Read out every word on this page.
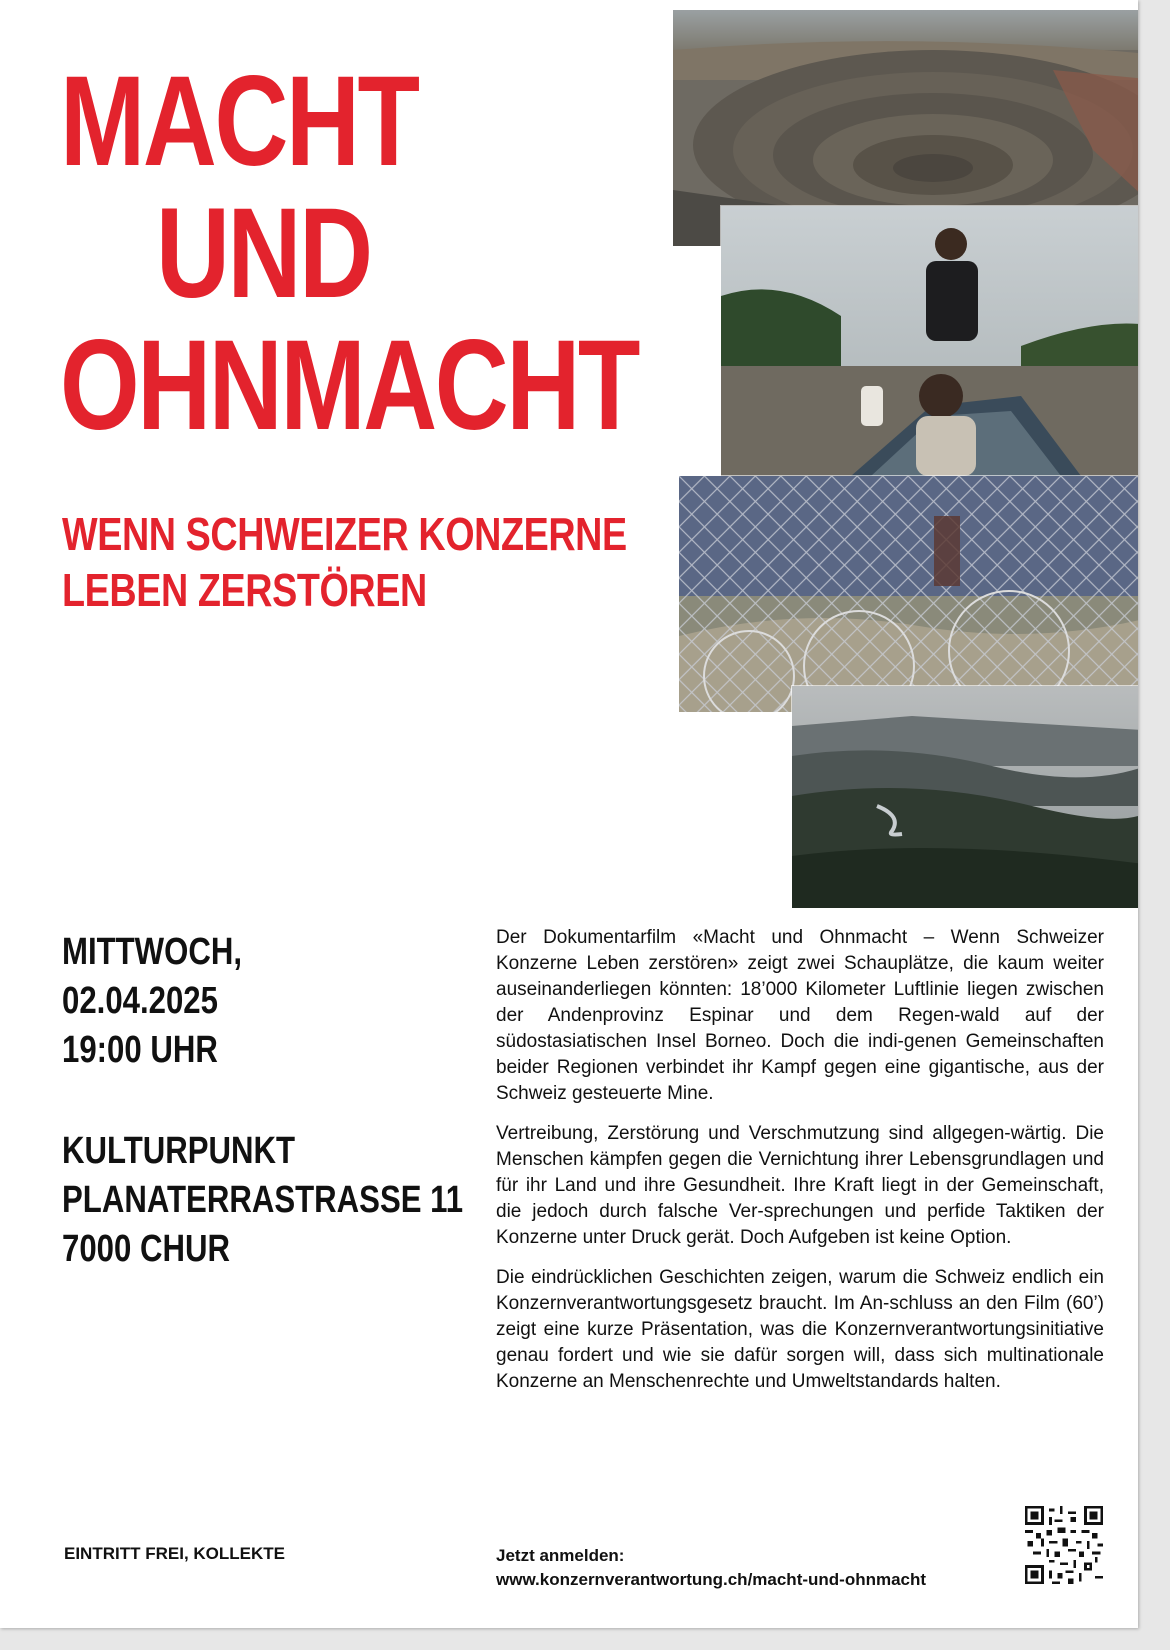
MACHT
UND
OHNMACHT
WENN SCHWEIZER KONZERNE
LEBEN ZERSTÖREN
MITTWOCH,
02.04.2025
19:00 UHR
KULTURPUNKT
PLANATERRASTRASSE 11
7000 CHUR

Der Dokumentarfilm «Macht und Ohnmacht – Wenn Schweizer Konzerne Leben zerstören» zeigt zwei Schauplätze, die kaum weiter auseinanderliegen könnten: 18’000 Kilometer Luftlinie liegen zwischen der Andenprovinz Espinar und dem Regen-wald auf der südostasiatischen Insel Borneo. Doch die indi-genen Gemeinschaften beider Regionen verbindet ihr Kampf gegen eine gigantische, aus der Schweiz gesteuerte Mine.

Vertreibung, Zerstörung und Verschmutzung sind allgegen-wärtig. Die Menschen kämpfen gegen die Vernichtung ihrer Lebensgrundlagen und für ihr Land und ihre Gesundheit. Ihre Kraft liegt in der Gemeinschaft, die jedoch durch falsche Ver-sprechungen und perfide Taktiken der Konzerne unter Druck gerät. Doch Aufgeben ist keine Option.

Die eindrücklichen Geschichten zeigen, warum die Schweiz endlich ein Konzernverantwortungsgesetz braucht. Im An-schluss an den Film (60’) zeigt eine kurze Präsentation, was die Konzernverantwortungsinitiative genau fordert und wie sie dafür sorgen will, dass sich multinationale Konzerne an Menschenrechte und Umweltstandards halten.

EINTRITT FREI, KOLLEKTE	Jetzt anmelden:
www.konzernverantwortung.ch/macht-und-ohnmacht
